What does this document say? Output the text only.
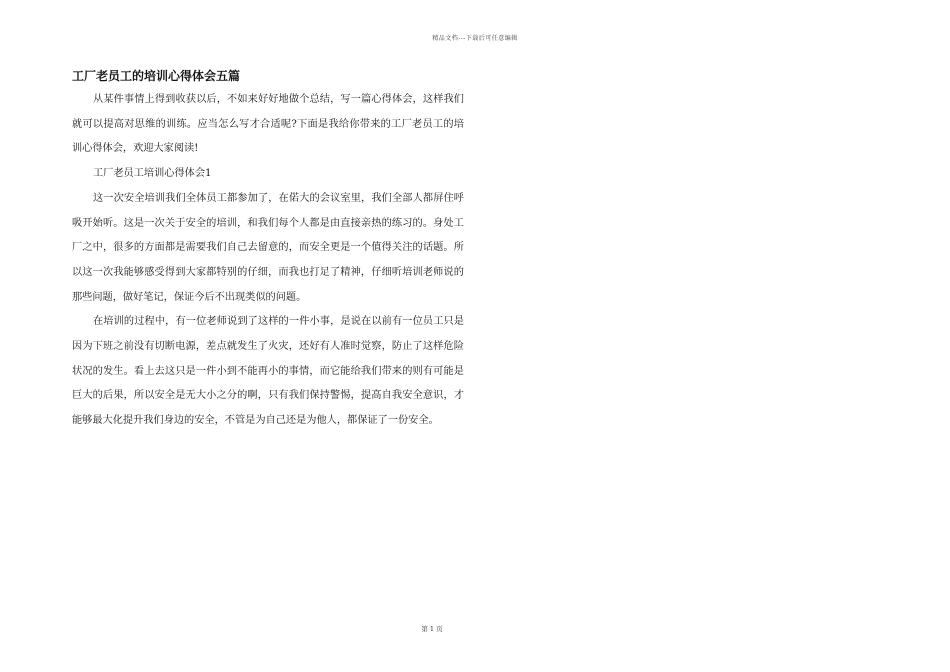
精品文档---下载后可任意编辑
工厂老员工的培训心得体会五篇

从某件事情上得到收获以后，不如来好好地做个总结，写一篇心得体会，这样我们就可以提高对思维的训练。应当怎么写才合适呢?下面是我给你带来的工厂老员工的培训心得体会，欢迎大家阅读!

工厂老员工培训心得体会1

这一次安全培训我们全体员工都参加了，在偌大的会议室里，我们全部人都屏住呼吸开始听。这是一次关于安全的培训，和我们每个人都是由直接亲热的练习的。身处工厂之中，很多的方面都是需要我们自己去留意的，而安全更是一个值得关注的话题。所以这一次我能够感受得到大家都特别的仔细，而我也打足了精神，仔细听培训老师说的那些问题，做好笔记，保证今后不出现类似的问题。

在培训的过程中，有一位老师说到了这样的一件小事，是说在以前有一位员工只是因为下班之前没有切断电源，差点就发生了火灾，还好有人准时觉察，防止了这样危险状况的发生。看上去这只是一件小到不能再小的事情，而它能给我们带来的则有可能是巨大的后果，所以安全是无大小之分的啊，只有我们保持警惕，提高自我安全意识，才能够最大化提升我们身边的安全，不管是为自己还是为他人，都保证了一份安全。

第 1 页
